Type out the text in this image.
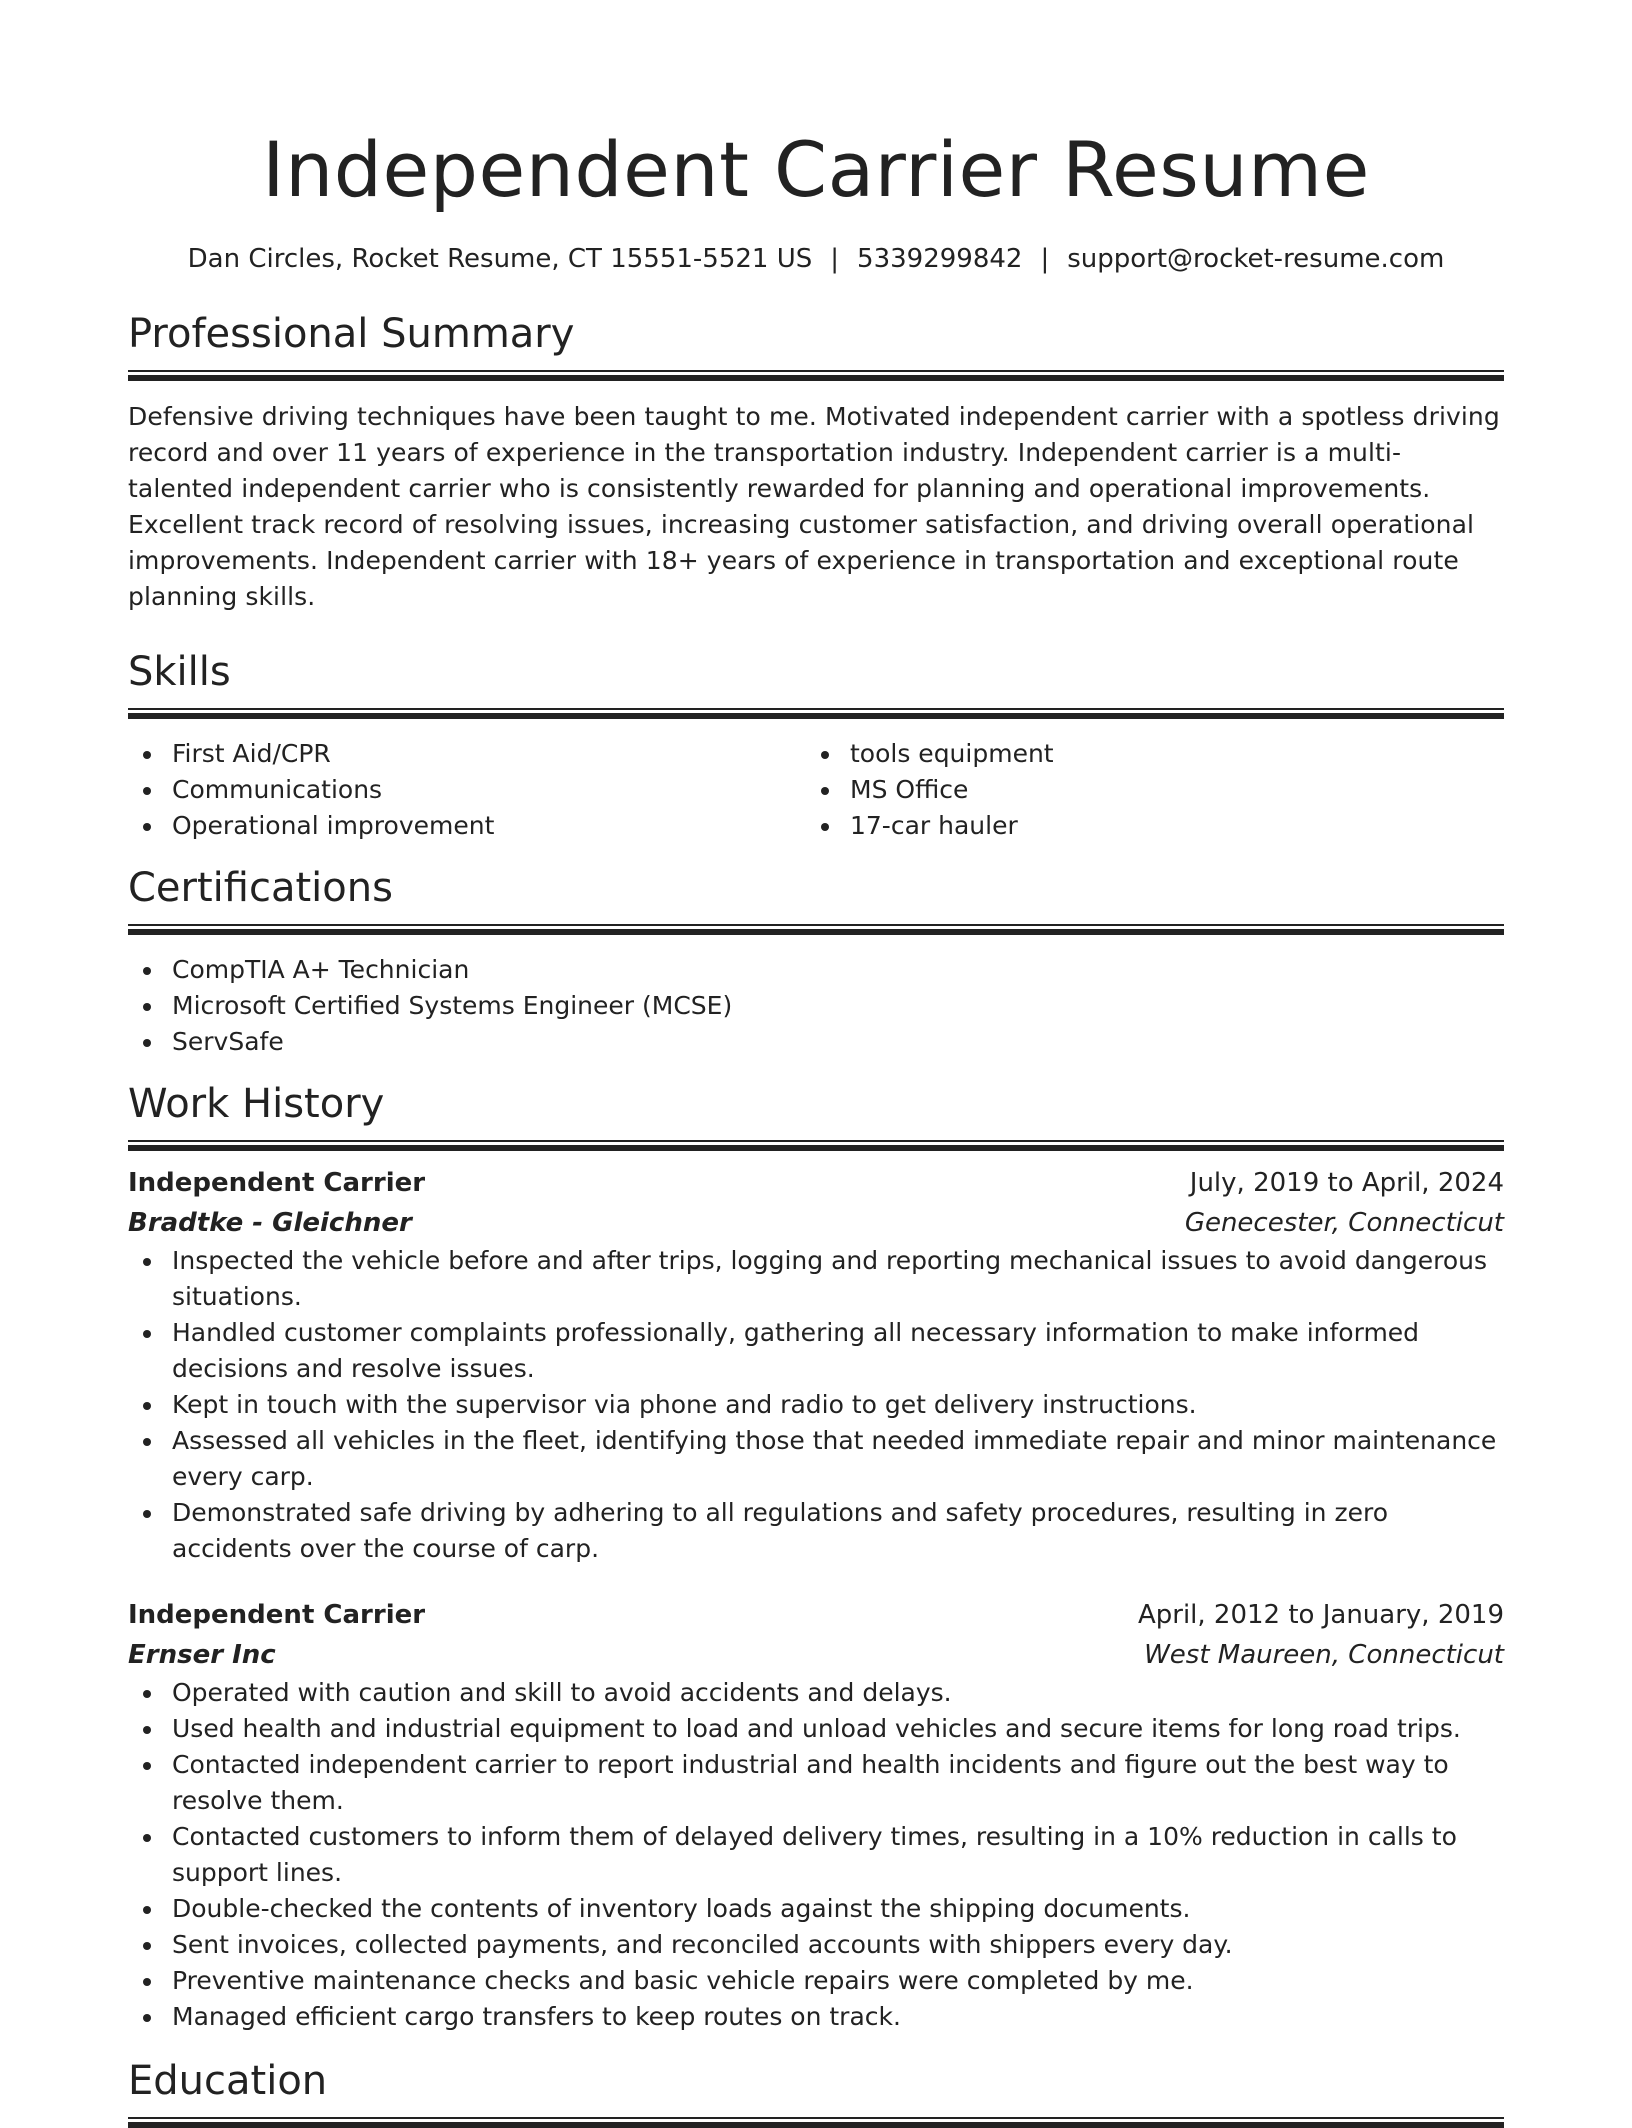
Independent Carrier Resume
Dan Circles, Rocket Resume, CT 15551-5521 US | 5339299842 | support@rocket-resume.com
Professional Summary
Defensive driving techniques have been taught to me. Motivated independent carrier with a spotless driving record and over 11 years of experience in the transportation industry. Independent carrier is a multi-talented independent carrier who is consistently rewarded for planning and operational improvements. Excellent track record of resolving issues, increasing customer satisfaction, and driving overall operational improvements. Independent carrier with 18+ years of experience in transportation and exceptional route planning skills.
Skills
First Aid/CPR
Communications
Operational improvement
tools equipment
MS Office
17-car hauler
Certifications
CompTIA A+ Technician
Microsoft Certified Systems Engineer (MCSE)
ServSafe
Work History
Independent Carrier	July, 2019 to April, 2024
Bradtke - Gleichner	Genecester, Connecticut
Inspected the vehicle before and after trips, logging and reporting mechanical issues to avoid dangerous situations.
Handled customer complaints professionally, gathering all necessary information to make informed decisions and resolve issues.
Kept in touch with the supervisor via phone and radio to get delivery instructions.
Assessed all vehicles in the fleet, identifying those that needed immediate repair and minor maintenance every carp.
Demonstrated safe driving by adhering to all regulations and safety procedures, resulting in zero accidents over the course of carp.
Independent Carrier	April, 2012 to January, 2019
Ernser Inc	West Maureen, Connecticut
Operated with caution and skill to avoid accidents and delays.
Used health and industrial equipment to load and unload vehicles and secure items for long road trips.
Contacted independent carrier to report industrial and health incidents and figure out the best way to resolve them.
Contacted customers to inform them of delayed delivery times, resulting in a 10% reduction in calls to support lines.
Double-checked the contents of inventory loads against the shipping documents.
Sent invoices, collected payments, and reconciled accounts with shippers every day.
Preventive maintenance checks and basic vehicle repairs were completed by me.
Managed efficient cargo transfers to keep routes on track.
Education
